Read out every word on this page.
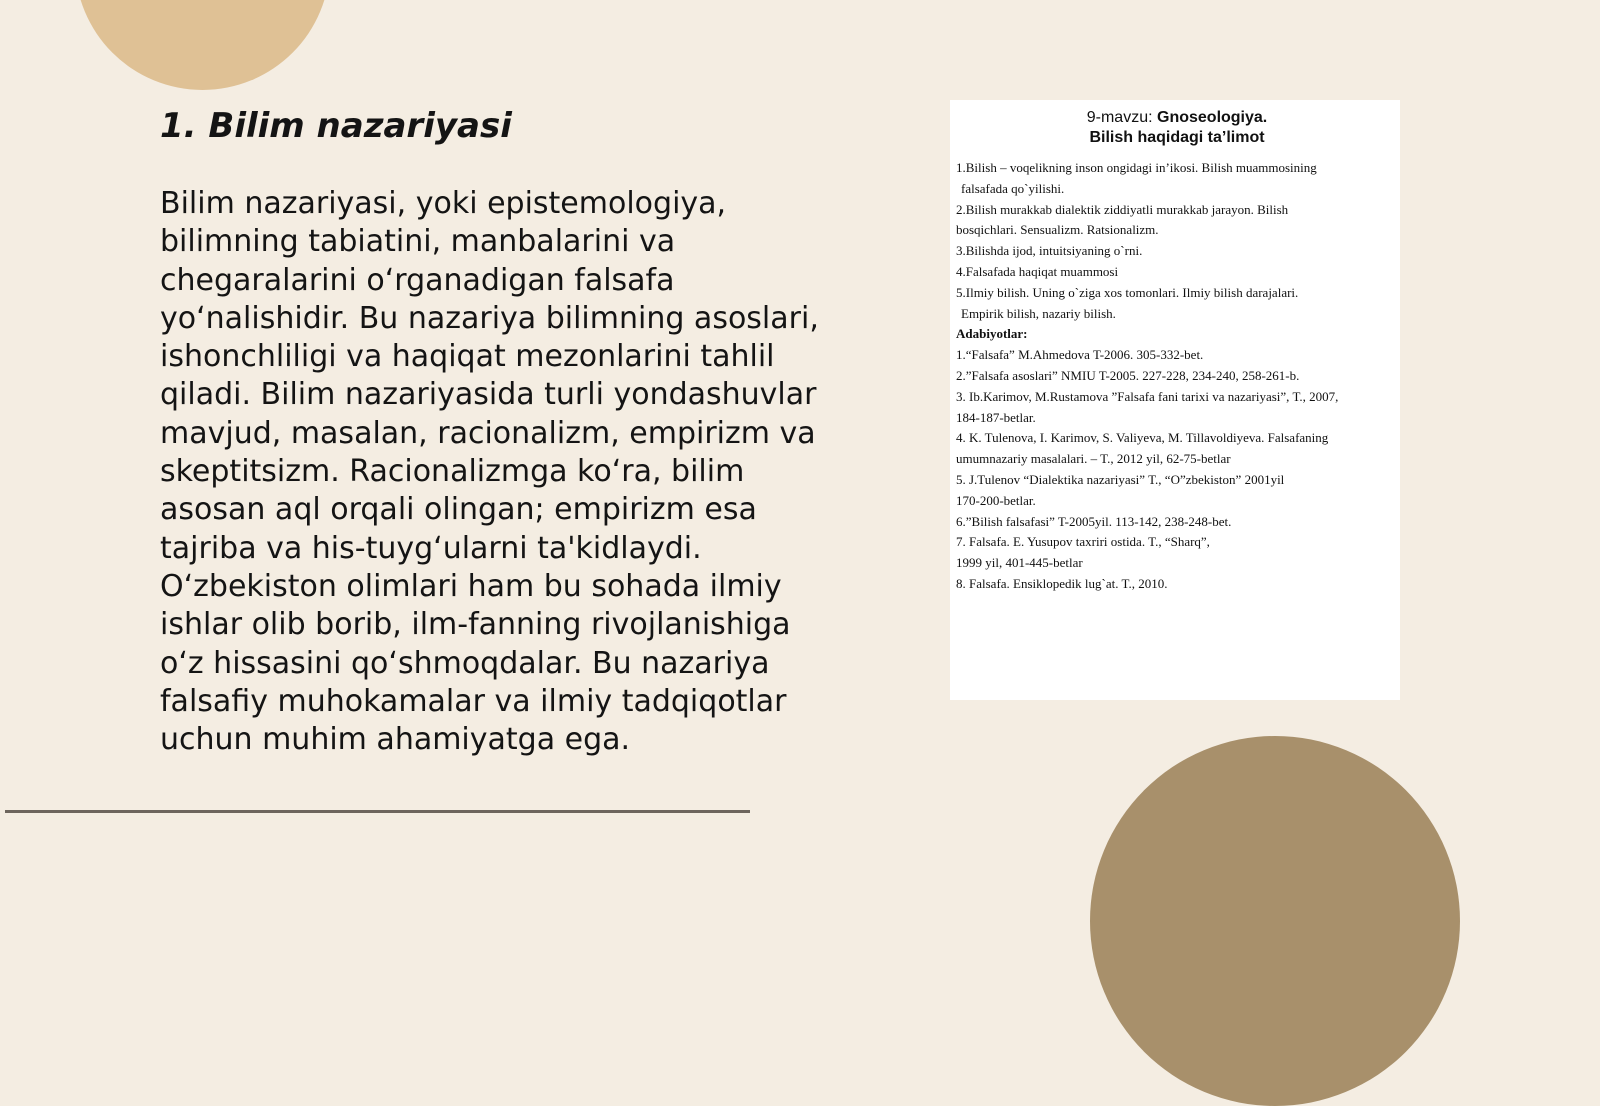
1. Bilim nazariyasi

Bilim nazariyasi, yoki epistemologiya, bilimning tabiatini, manbalarini va chegaralarini oʻrganadigan falsafa yoʻnalishidir. Bu nazariya bilimning asoslari, ishonchliligi va haqiqat mezonlarini tahlil qiladi. Bilim nazariyasida turli yondashuvlar mavjud, masalan, racionalizm, empirizm va skeptitsizm. Racionalizmga koʻra, bilim asosan aql orqali olingan; empirizm esa tajriba va his-tuygʻularni ta'kidlaydi. Oʻzbekiston olimlari ham bu sohada ilmiy ishlar olib borib, ilm-fanning rivojlanishiga oʻz hissasini qoʻshmoqdalar. Bu nazariya falsafiy muhokamalar va ilmiy tadqiqotlar uchun muhim ahamiyatga ega.

9-mavzu: Gnoseologiya.
Bilish haqidagi ta’limot
1.Bilish – voqelikning inson ongidagi in’ikosi. Bilish muammosining
falsafada qo`yilishi.
2.Bilish murakkab dialektik ziddiyatli murakkab jarayon. Bilish
bosqichlari. Sensualizm. Ratsionalizm.
3.Bilishda ijod, intuitsiyaning o`rni.
4.Falsafada haqiqat muammosi
5.Ilmiy bilish. Uning o`ziga xos tomonlari. Ilmiy bilish darajalari.
Empirik bilish, nazariy bilish.
Adabiyotlar:
1.“Falsafa” M.Ahmedova T-2006. 305-332-bet.
2.”Falsafa asoslari” NMIU T-2005. 227-228, 234-240, 258-261-b.
3. Ib.Karimov, M.Rustamova ”Falsafa fani tarixi va nazariyasi”, T., 2007,
184-187-betlar.
4. K. Tulenova, I. Karimov, S. Valiyeva, M. Tillavoldiyeva. Falsafaning
umumnazariy masalalari. – T., 2012 yil, 62-75-betlar
5. J.Tulenov “Dialektika nazariyasi” T., “O”zbekiston” 2001yil
170-200-betlar.
6.”Bilish falsafasi” T-2005yil. 113-142, 238-248-bet.
7. Falsafa. E. Yusupov taxriri ostida. T., “Sharq”,
1999 yil, 401-445-betlar
8. Falsafa. Ensiklopedik lug`at. T., 2010.
